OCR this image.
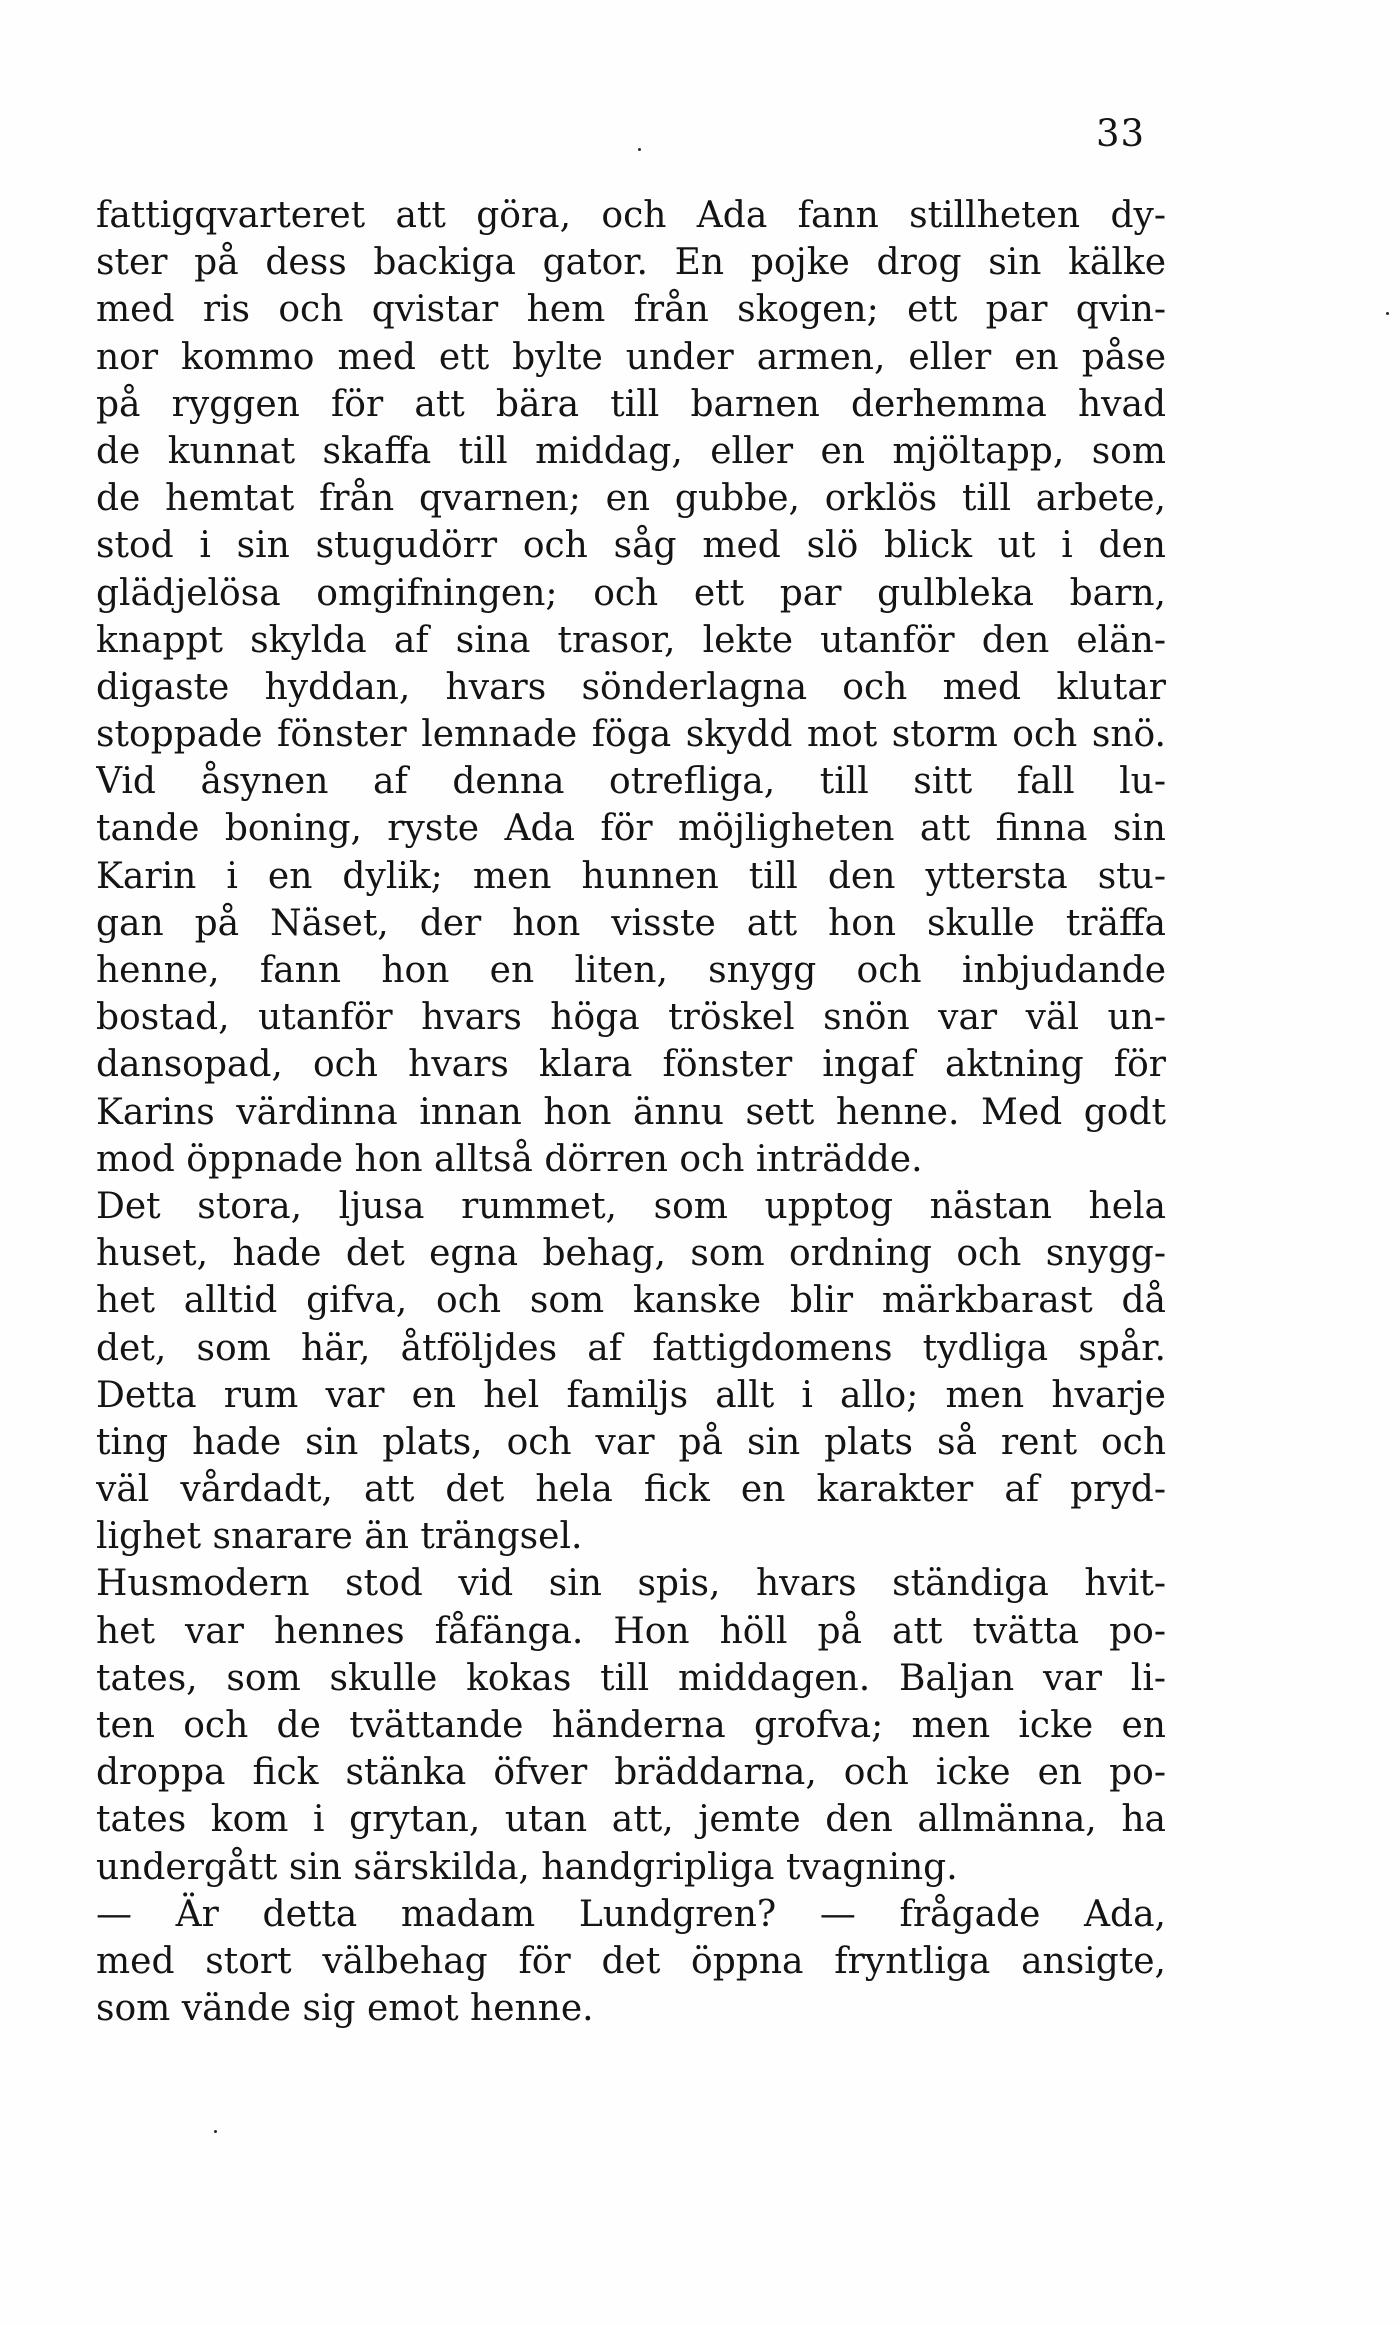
33
fattigqvarteret att göra, och Ada fann stillheten dy-
ster på dess backiga gator. En pojke drog sin kälke
med ris och qvistar hem från skogen; ett par qvin-
nor kommo med ett bylte under armen, eller en påse
på ryggen för att bära till barnen derhemma hvad
de kunnat skaffa till middag, eller en mjöltapp, som
de hemtat från qvarnen; en gubbe, orklös till arbete,
stod i sin stugudörr och såg med slö blick ut i den
glädjelösa omgifningen; och ett par gulbleka barn,
knappt skylda af sina trasor, lekte utanför den elän-
digaste hyddan, hvars sönderlagna och med klutar
stoppade fönster lemnade föga skydd mot storm och snö.
Vid åsynen af denna otrefliga, till sitt fall lu-
tande boning, ryste Ada för möjligheten att finna sin
Karin i en dylik; men hunnen till den yttersta stu-
gan på Näset, der hon visste att hon skulle träffa
henne, fann hon en liten, snygg och inbjudande
bostad, utanför hvars höga tröskel snön var väl un-
dansopad, och hvars klara fönster ingaf aktning för
Karins värdinna innan hon ännu sett henne. Med godt
mod öppnade hon alltså dörren och inträdde.
Det stora, ljusa rummet, som upptog nästan hela
huset, hade det egna behag, som ordning och snygg-
het alltid gifva, och som kanske blir märkbarast då
det, som här, åtföljdes af fattigdomens tydliga spår.
Detta rum var en hel familjs allt i allo; men hvarje
ting hade sin plats, och var på sin plats så rent och
väl vårdadt, att det hela fick en karakter af pryd-
lighet snarare än trängsel.
Husmodern stod vid sin spis, hvars ständiga hvit-
het var hennes fåfänga. Hon höll på att tvätta po-
tates, som skulle kokas till middagen. Baljan var li-
ten och de tvättande händerna grofva; men icke en
droppa fick stänka öfver bräddarna, och icke en po-
tates kom i grytan, utan att, jemte den allmänna, ha
undergått sin särskilda, handgripliga tvagning.
— Är detta madam Lundgren? — frågade Ada,
med stort välbehag för det öppna fryntliga ansigte,
som vände sig emot henne.
